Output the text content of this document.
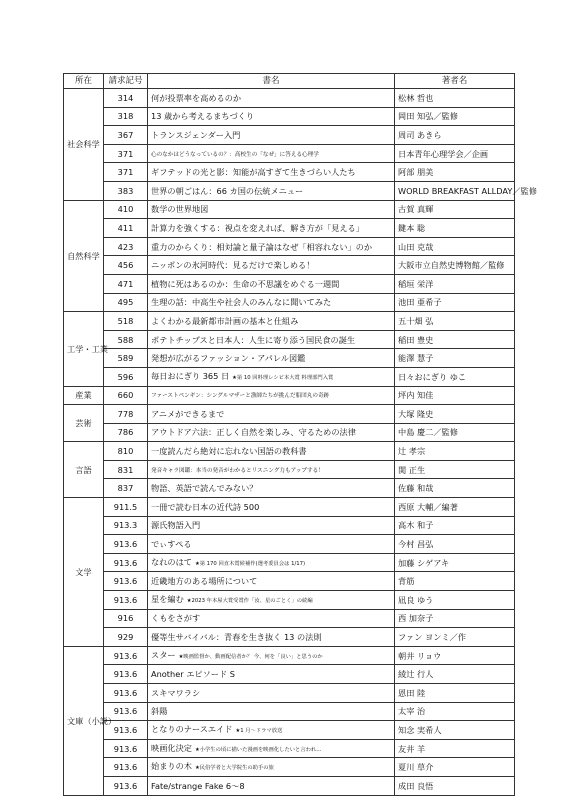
所在	請求記号	書名	著者名
社会科学	314	何が投票率を高めるのか	松林 哲也
	318	13 歳から考えるまちづくり	岡田 知弘／監修
	367	トランスジェンダー入門	周司 あきら
	371	心のなかはどうなっているの？：高校生の「なぜ」に答える心理学	日本青年心理学会／企画
	371	ギフテッドの光と影：知能が高すぎて生きづらい人たち	阿部 朋美
	383	世界の朝ごはん：66 カ国の伝統メニュー	WORLD BREAKFAST ALLDAY／監修
自然科学	410	数学の世界地図	古賀 真輝
	411	計算力を強くする：視点を変えれば、解き方が「見える」	鍵本 聡
	423	重力のからくり：相対論と量子論はなぜ「相容れない」のか	山田 克哉
	456	ニッポンの氷河時代：見るだけで楽しめる！	大阪市立自然史博物館／監修
	471	植物に死はあるのか：生命の不思議をめぐる一週間	稲垣 栄洋
	495	生理の話：中高生や社会人のみんなに聞いてみた	池田 亜希子
工学・工業	518	よくわかる最新都市計画の基本と仕組み	五十畑 弘
	588	ポテトチップスと日本人：人生に寄り添う国民食の誕生	稲田 豊史
	589	発想が広がるファッション・アパレル図鑑	能澤 慧子
	596	毎日おにぎり 365 日 ★第 10 回料理レシピ本大賞 料理部門入賞	日々おにぎり ゆこ
産業	660	ファーストペンギン：シングルマザーと漁師たちが挑んだ船団丸の奇跡	坪内 知佳
芸術	778	アニメができるまで	大塚 隆史
	786	アウトドア六法：正しく自然を楽しみ、守るための法律	中島 慶二／監修
言語	810	一度読んだら絶対に忘れない国語の教科書	辻 孝宗
	831	発音キャラ図鑑：本当の発音がわかるとリスニング力もアップする！	関 正生
	837	物語、英語で読んでみない？	佐藤 和哉
文学	911.5	一冊で読む日本の近代詩 500	西原 大輔／編著
	913.3	源氏物語入門	高木 和子
	913.6	でぃすぺる	今村 昌弘
	913.6	なれのはて ★第 170 回直木賞候補作(選考委員会は 1/17)	加藤 シゲアキ
	913.6	近畿地方のある場所について	背筋
	913.6	星を編む ★2023 年本屋大賞受賞作「汝、星のごとく」の続編	凪良 ゆう
	916	くもをさがす	西 加奈子
	929	優等生サバイバル：青春を生き抜く 13 の法則	ファン ヨンミ／作
文庫（小説）	913.6	スター ★映画監督か、動画配信者か？ 今、何を「良い」と思うのか	朝井 リョウ
	913.6	Another エピソード S	綾辻 行人
	913.6	スキマワラシ	恩田 陸
	913.6	斜陽	太宰 治
	913.6	となりのナースエイド ★1 月～ドラマ放送	知念 実希人
	913.6	映画化決定 ★小学生の頃に描いた漫画を映画化したいと言われ…	友井 羊
	913.6	始まりの木 ★民俗学者と大学院生の助手の旅	夏川 草介
	913.6	Fate/strange Fake 6～8	成田 良悟
